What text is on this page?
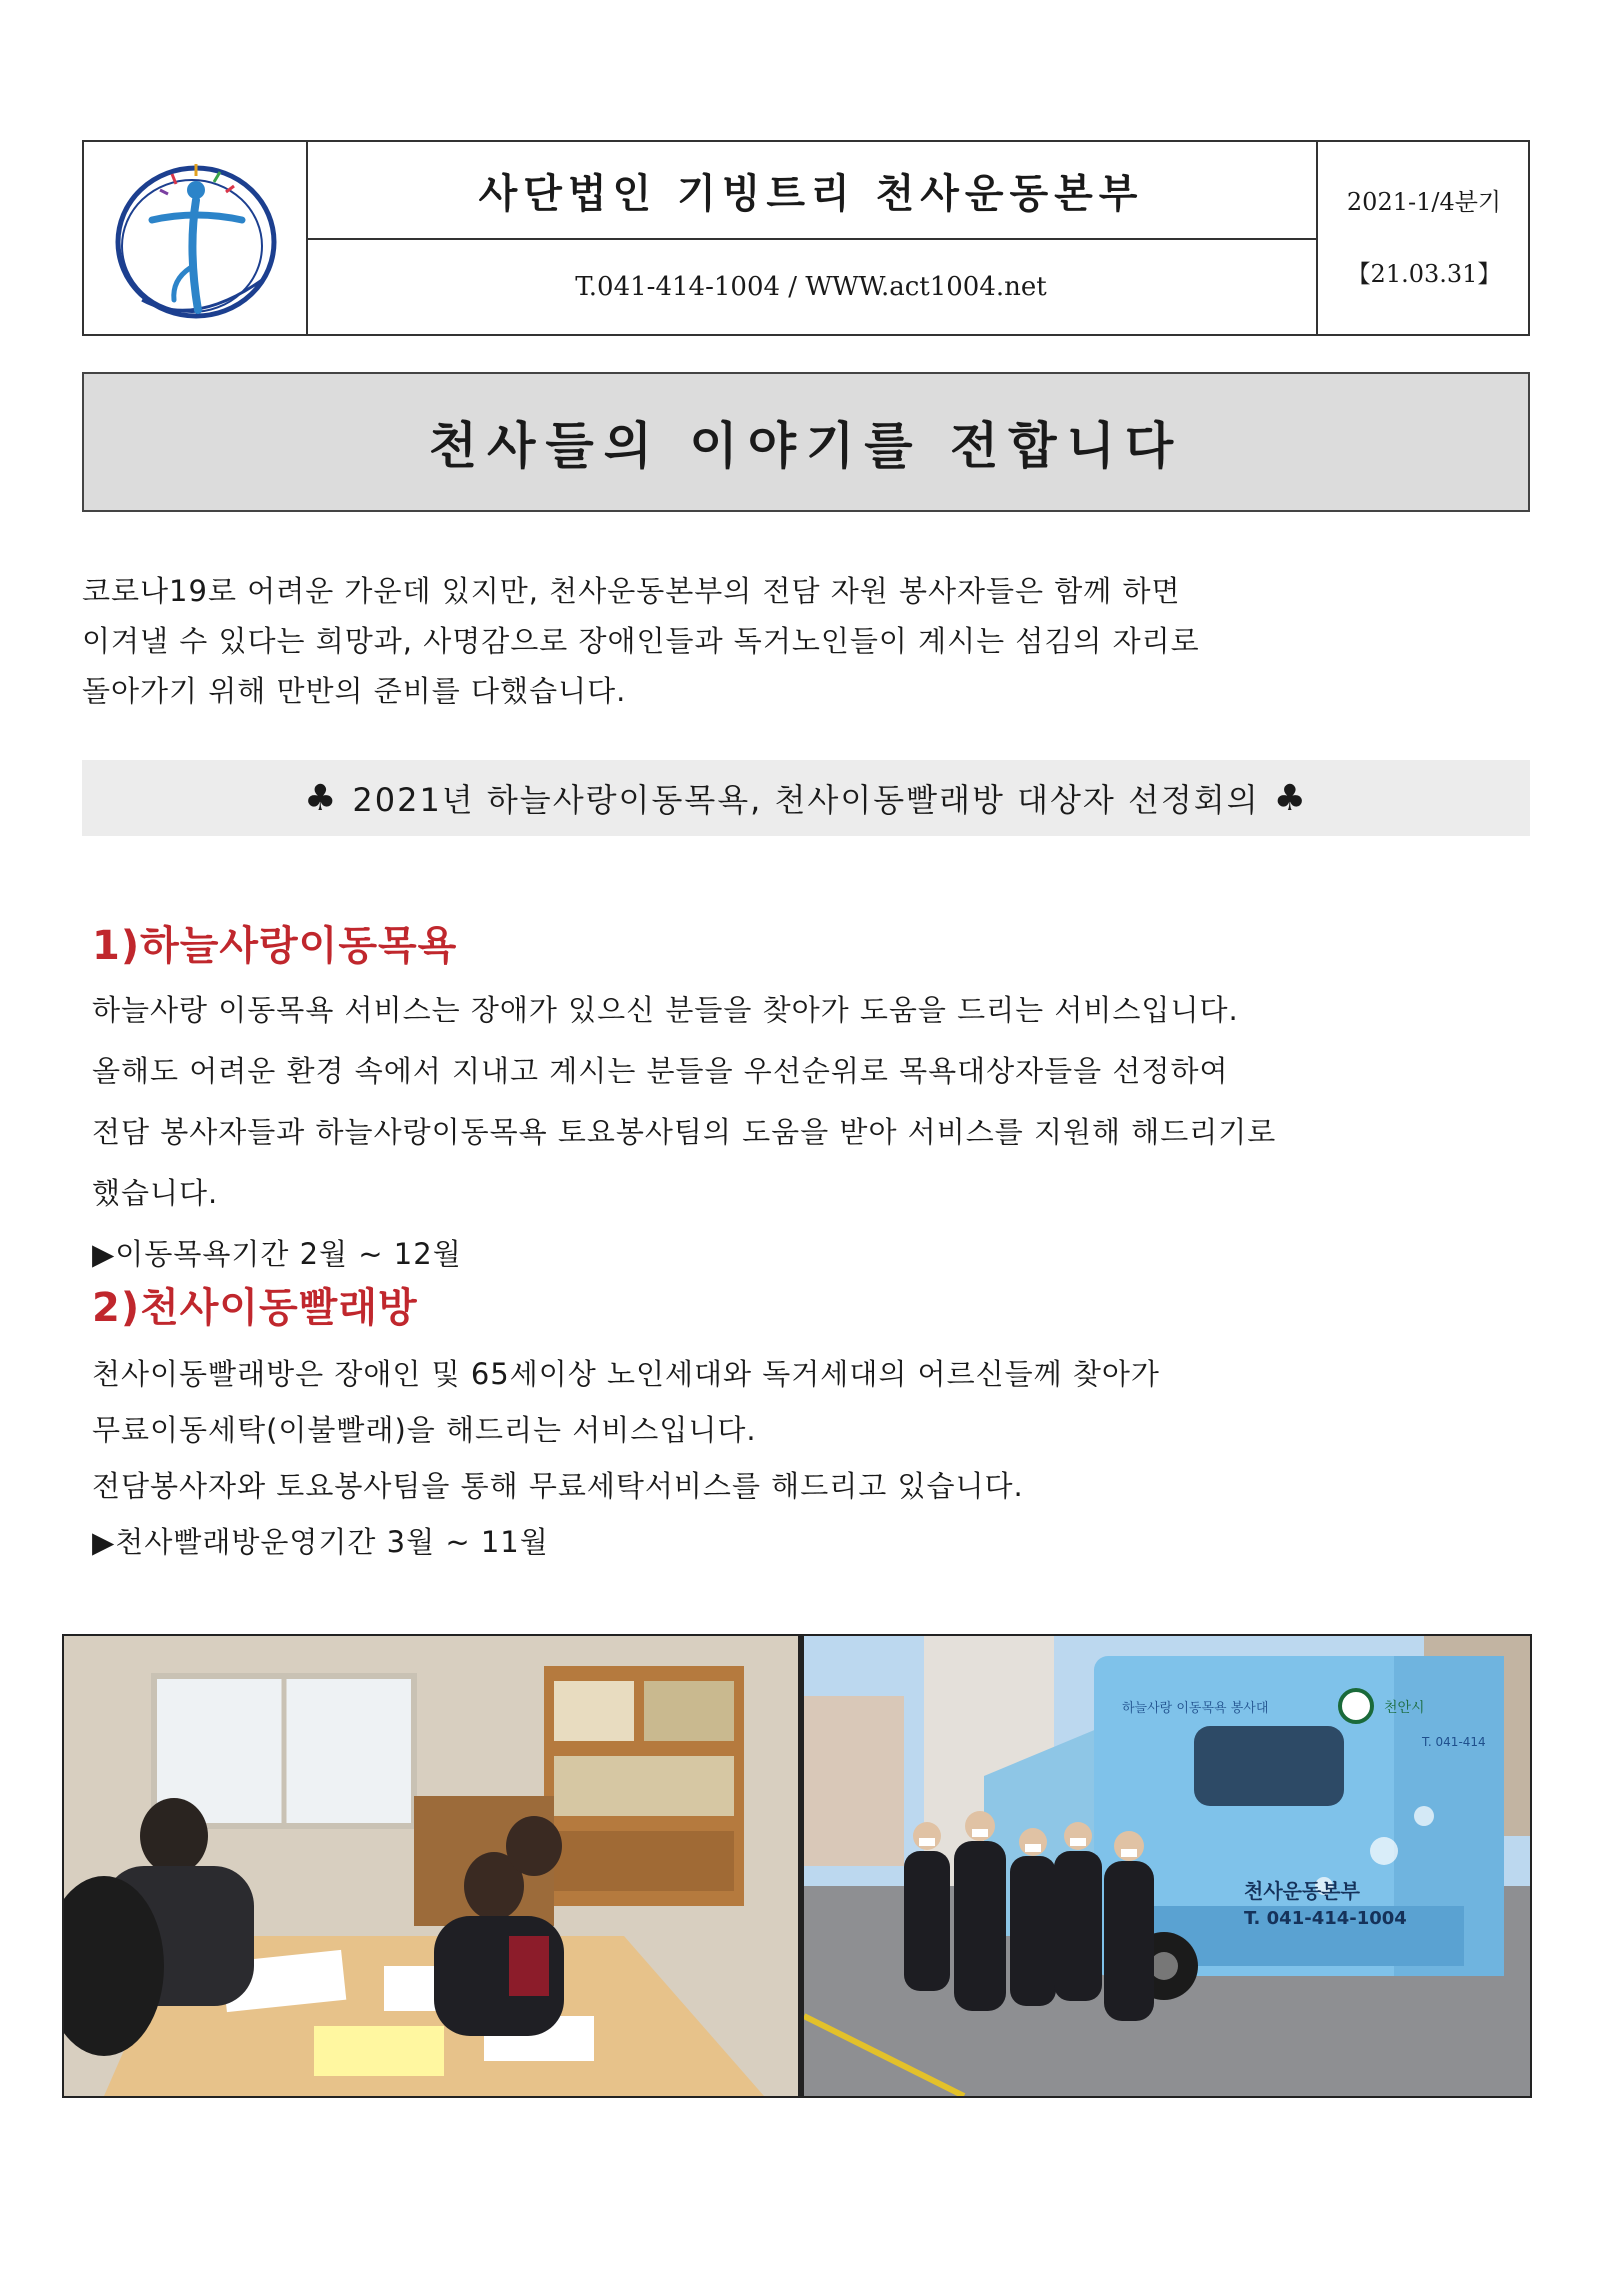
사단법인 기빙트리 천사운동본부
T.041-414-1004 / WWW.act1004.net
2021-1/4분기
【21.03.31】
천사들의 이야기를 전합니다

코로나19로 어려운 가운데 있지만, 천사운동본부의 전담 자원 봉사자들은 함께 하면

이겨낼 수 있다는 희망과, 사명감으로 장애인들과 독거노인들이 계시는 섬김의 자리로

돌아가기 위해 만반의 준비를 다했습니다.

♣ 2021년 하늘사랑이동목욕, 천사이동빨래방 대상자 선정회의 ♣
1)하늘사랑이동목욕

하늘사랑 이동목욕 서비스는 장애가 있으신 분들을 찾아가 도움을 드리는 서비스입니다.

올해도 어려운 환경 속에서 지내고 계시는 분들을 우선순위로 목욕대상자들을 선정하여

전담 봉사자들과 하늘사랑이동목욕 토요봉사팀의 도움을 받아 서비스를 지원해 해드리기로

했습니다.

▶이동목욕기간 2월 ~ 12월

2)천사이동빨래방

천사이동빨래방은 장애인 및 65세이상 노인세대와 독거세대의 어르신들께 찾아가

무료이동세탁(이불빨래)을 해드리는 서비스입니다.

전담봉사자와 토요봉사팀을 통해 무료세탁서비스를 해드리고 있습니다.

▶천사빨래방운영기간 3월 ~ 11월

천안시
하늘사랑 이동목욕 봉사대
T. 041-414
천사운동본부
T. 041-414-1004
